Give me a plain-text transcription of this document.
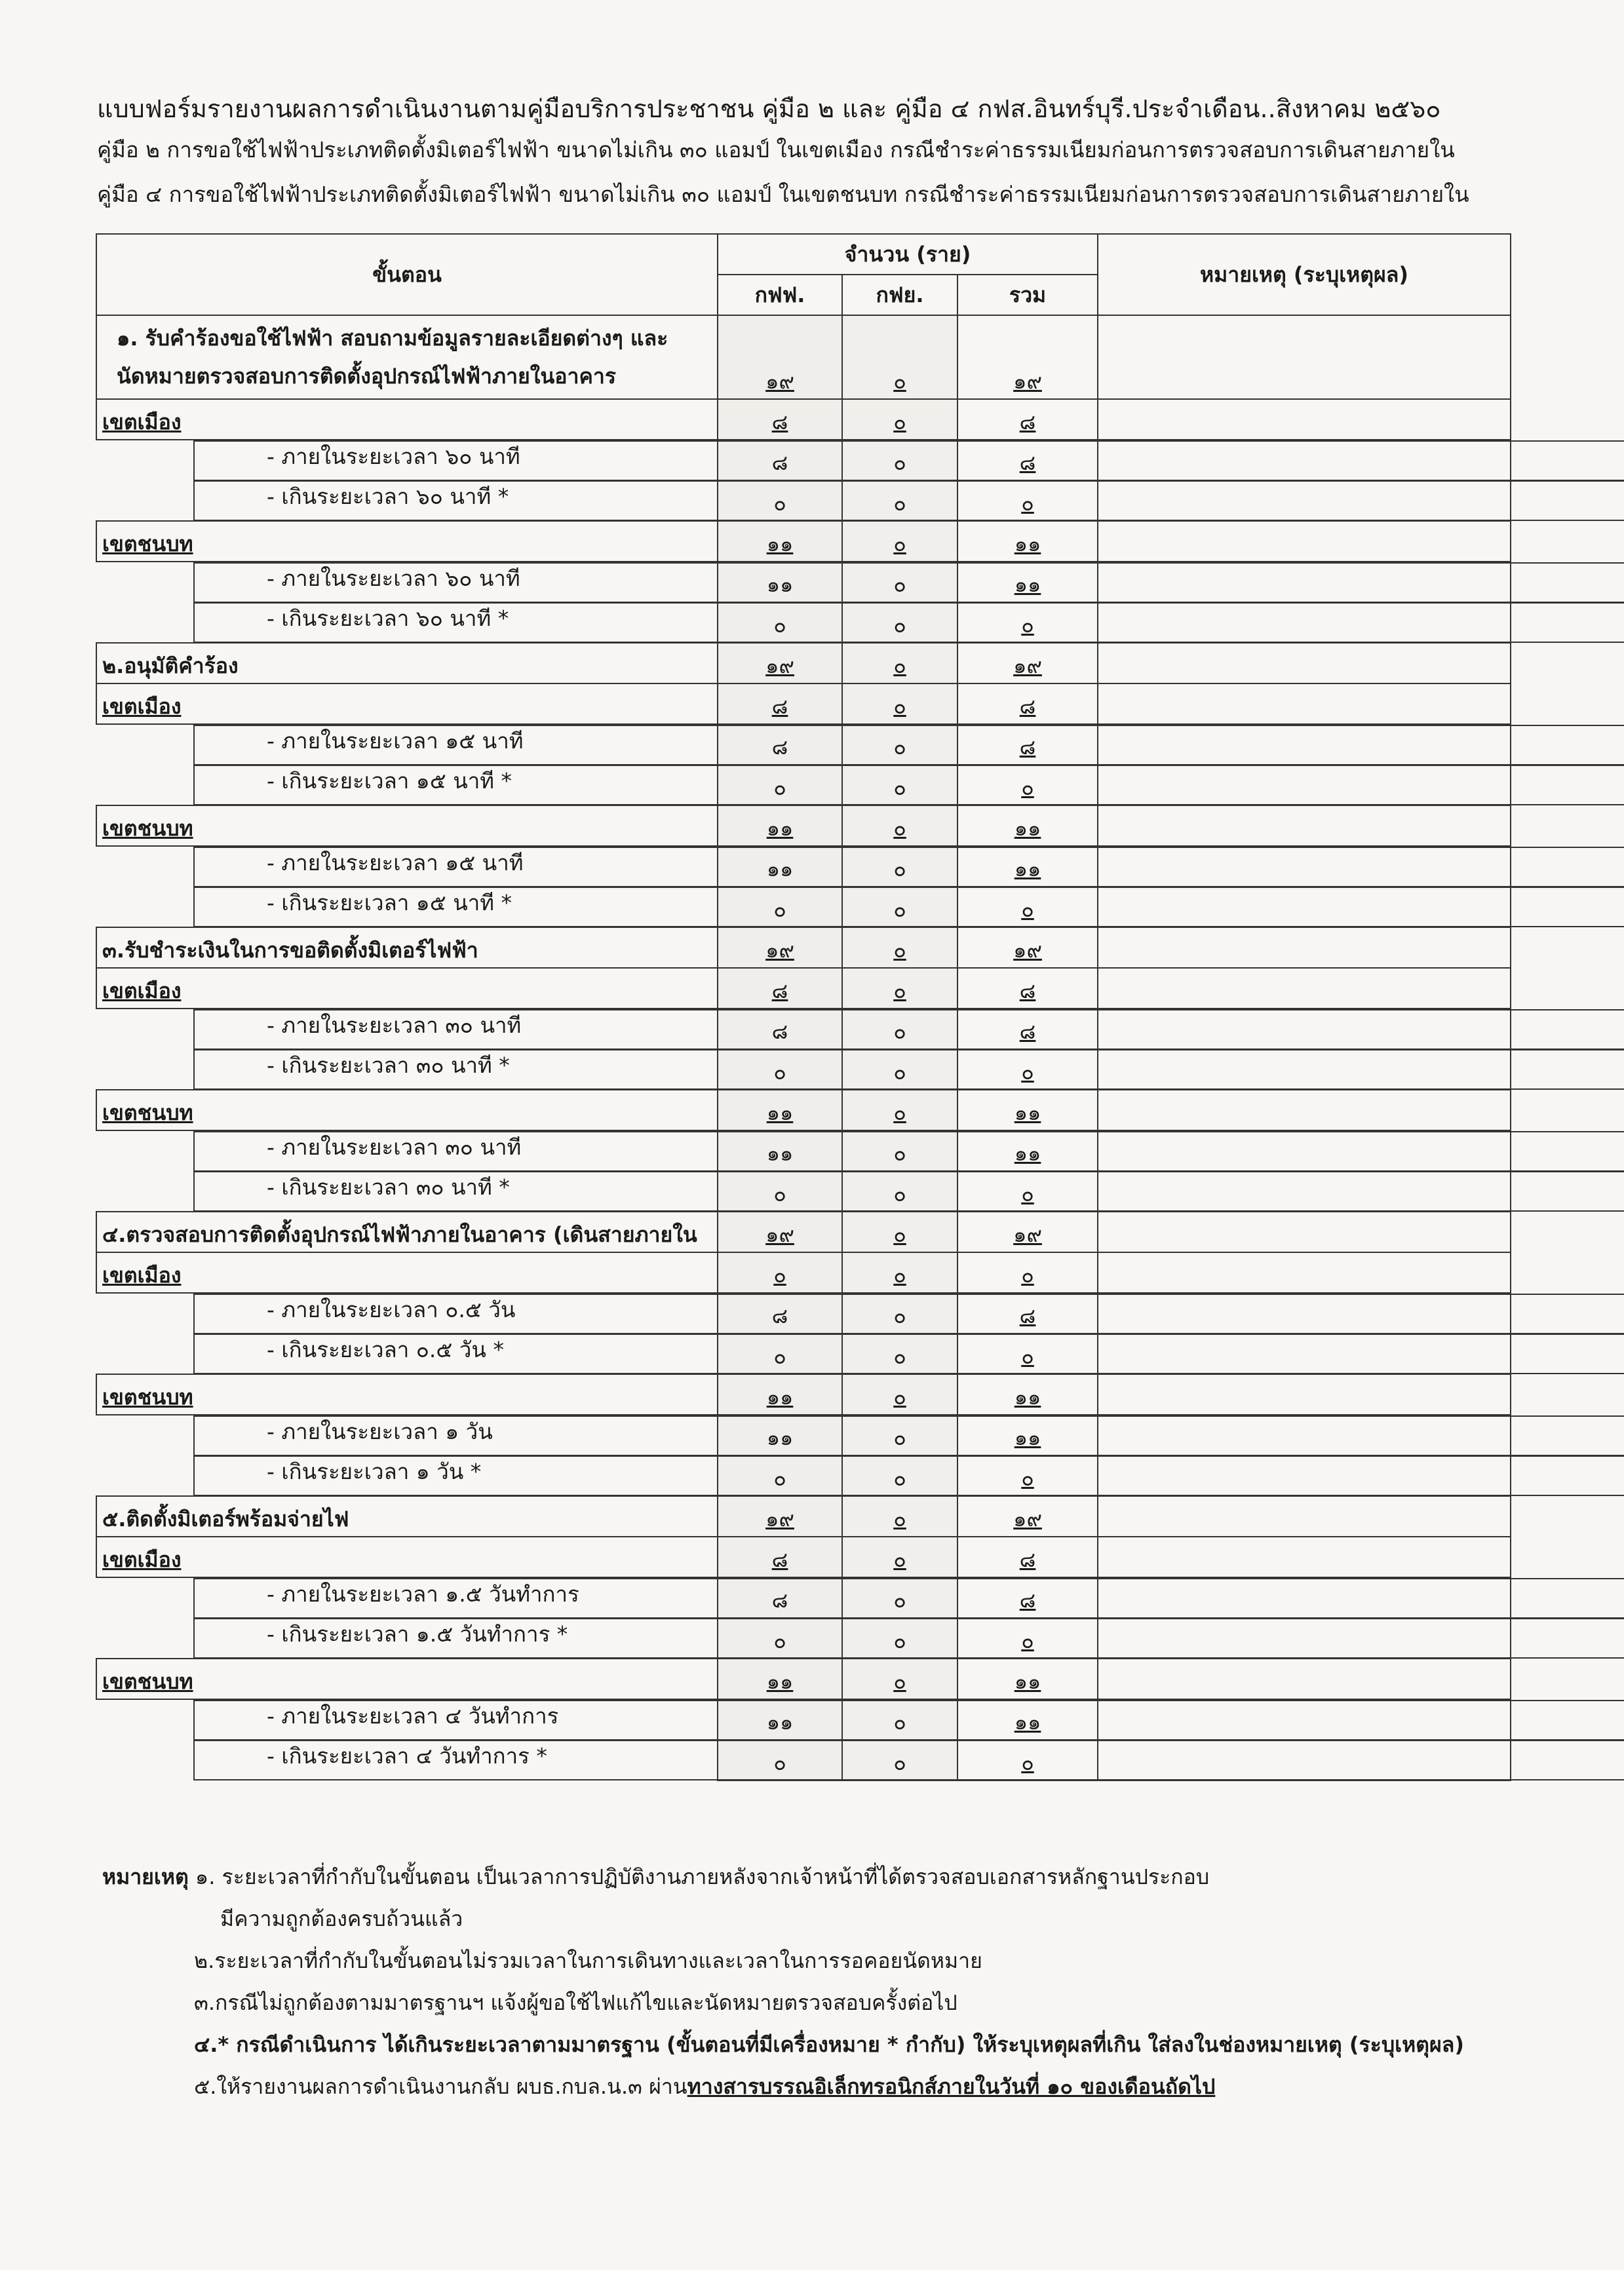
แบบฟอร์มรายงานผลการดำเนินงานตามคู่มือบริการประชาชน คู่มือ ๒ และ คู่มือ ๔ กฟส.อินทร์บุรี.ประจำเดือน..สิงหาคม ๒๕๖๐
คู่มือ ๒ การขอใช้ไฟฟ้าประเภทติดตั้งมิเตอร์ไฟฟ้า ขนาดไม่เกิน ๓๐ แอมป์ ในเขตเมือง กรณีชำระค่าธรรมเนียมก่อนการตรวจสอบการเดินสายภายใน
คู่มือ ๔ การขอใช้ไฟฟ้าประเภทติดตั้งมิเตอร์ไฟฟ้า ขนาดไม่เกิน ๓๐ แอมป์ ในเขตชนบท กรณีชำระค่าธรรมเนียมก่อนการตรวจสอบการเดินสายภายใน
ขั้นตอน	จำนวน (ราย)			หมายเหตุ (ระบุเหตุผล)
	กฟฟ.	กฟย.	รวม	

๑. รับคำร้องขอใช้ไฟฟ้า สอบถามข้อมูลรายละเอียดต่างๆ และ
นัดหมายตรวจสอบการติดตั้งอุปกรณ์ไฟฟ้าภายในอาคาร	๑๙	๐	๑๙	
เขตเมือง	๘	๐	๘	

- ภายในระยะเวลา ๖๐ นาที	๘	๐	๘	

- เกินระยะเวลา ๖๐ นาที *	๐	๐	๐	
เขตชนบท	๑๑	๐	๑๑	

- ภายในระยะเวลา ๖๐ นาที	๑๑	๐	๑๑	

- เกินระยะเวลา ๖๐ นาที *	๐	๐	๐	
๒.อนุมัติคำร้อง	๑๙	๐	๑๙	
เขตเมือง	๘	๐	๘	

- ภายในระยะเวลา ๑๕ นาที	๘	๐	๘	

- เกินระยะเวลา ๑๕ นาที *	๐	๐	๐	
เขตชนบท	๑๑	๐	๑๑	

- ภายในระยะเวลา ๑๕ นาที	๑๑	๐	๑๑	

- เกินระยะเวลา ๑๕ นาที *	๐	๐	๐	
๓.รับชำระเงินในการขอติดตั้งมิเตอร์ไฟฟ้า	๑๙	๐	๑๙	
เขตเมือง	๘	๐	๘	

- ภายในระยะเวลา ๓๐ นาที	๘	๐	๘	

- เกินระยะเวลา ๓๐ นาที *	๐	๐	๐	
เขตชนบท	๑๑	๐	๑๑	

- ภายในระยะเวลา ๓๐ นาที	๑๑	๐	๑๑	

- เกินระยะเวลา ๓๐ นาที *	๐	๐	๐	
๔.ตรวจสอบการติดตั้งอุปกรณ์ไฟฟ้าภายในอาคาร (เดินสายภายใน	๑๙	๐	๑๙	
เขตเมือง	๐	๐	๐	

- ภายในระยะเวลา ๐.๕ วัน	๘	๐	๘	

- เกินระยะเวลา ๐.๕ วัน *	๐	๐	๐	
เขตชนบท	๑๑	๐	๑๑	

- ภายในระยะเวลา ๑ วัน	๑๑	๐	๑๑	

- เกินระยะเวลา ๑ วัน *	๐	๐	๐	
๕.ติดตั้งมิเตอร์พร้อมจ่ายไฟ	๑๙	๐	๑๙	
เขตเมือง	๘	๐	๘	

- ภายในระยะเวลา ๑.๕ วันทำการ	๘	๐	๘	

- เกินระยะเวลา ๑.๕ วันทำการ *	๐	๐	๐	
เขตชนบท	๑๑	๐	๑๑	

- ภายในระยะเวลา ๔ วันทำการ	๑๑	๐	๑๑	

- เกินระยะเวลา ๔ วันทำการ *	๐	๐	๐	
หมายเหตุ ๑. ระยะเวลาที่กำกับในขั้นตอน เป็นเวลาการปฏิบัติงานภายหลังจากเจ้าหน้าที่ได้ตรวจสอบเอกสารหลักฐานประกอบ
มีความถูกต้องครบถ้วนแล้ว
๒.ระยะเวลาที่กำกับในขั้นตอนไม่รวมเวลาในการเดินทางและเวลาในการรอคอยนัดหมาย
๓.กรณีไม่ถูกต้องตามมาตรฐานฯ แจ้งผู้ขอใช้ไฟแก้ไขและนัดหมายตรวจสอบครั้งต่อไป
๔.* กรณีดำเนินการ ได้เกินระยะเวลาตามมาตรฐาน (ขั้นตอนที่มีเครื่องหมาย * กำกับ) ให้ระบุเหตุผลที่เกิน ใส่ลงในช่องหมายเหตุ (ระบุเหตุผล)
๕.ให้รายงานผลการดำเนินงานกลับ ผบธ.กบล.น.๓ ผ่านทางสารบรรณอิเล็กทรอนิกส์ภายในวันที่ ๑๐ ของเดือนถัดไป
